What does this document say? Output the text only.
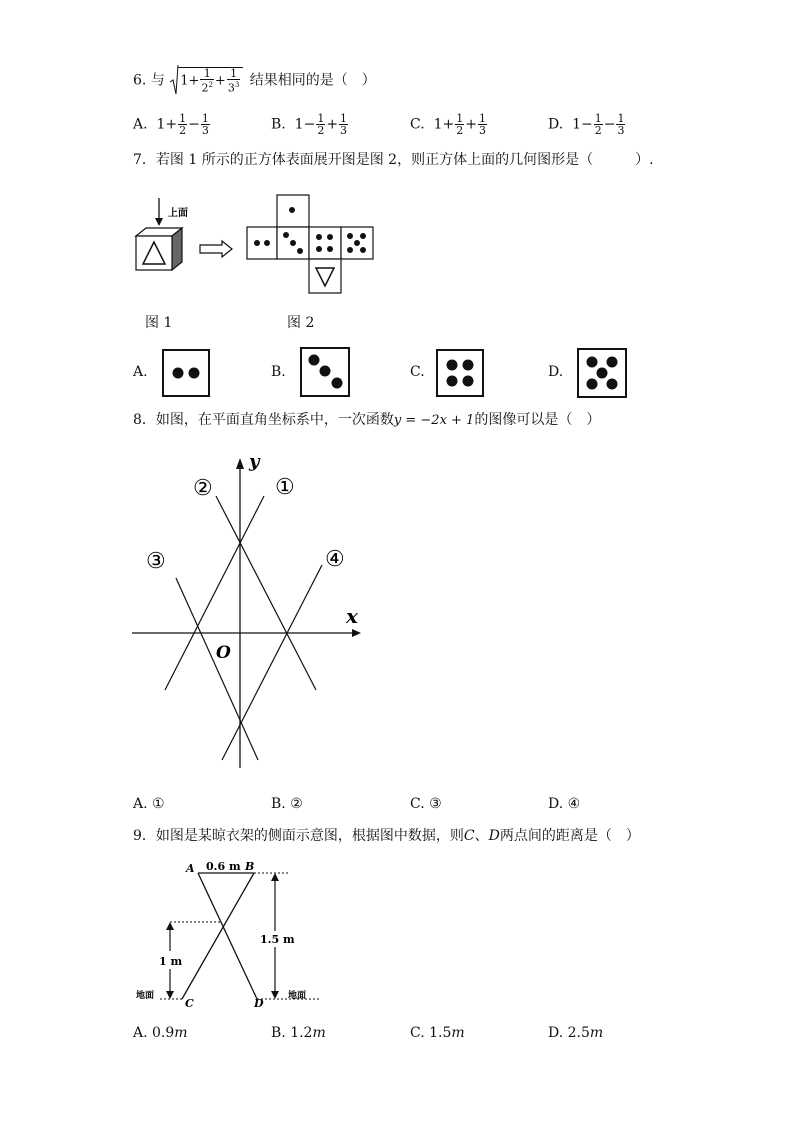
6. 与 $1+ \frac{1}{2^2} + \frac{1}{3^3}$ 结果相同的是（　）
A. $1+ \frac{1}{2} - \frac{1}{3}$	B. $1- \frac{1}{2} + \frac{1}{3}$	C. $1+ \frac{1}{2} + \frac{1}{3}$	D. $1- \frac{1}{2} - \frac{1}{3}$
7．若图 1 所示的正方体表面展开图是图 2，则正方体上面的几何图形是（　　　）.
上面
图 1	图 2
A.	B.	C.	D.
8．如图，在平面直角坐标系中，一次函数y = −2x + 1的图像可以是（　）
x
y
O
①
②
③	④
A. ①	B. ②	C. ③	D. ④
9．如图是某晾衣架的侧面示意图，根据图中数据，则C、D两点间的距离是（　）
A	B
0.6 m
1.5 m
1 m
C	D
地面	地面
A. 0.9m	B. 1.2m	C. 1.5m	D. 2.5m
